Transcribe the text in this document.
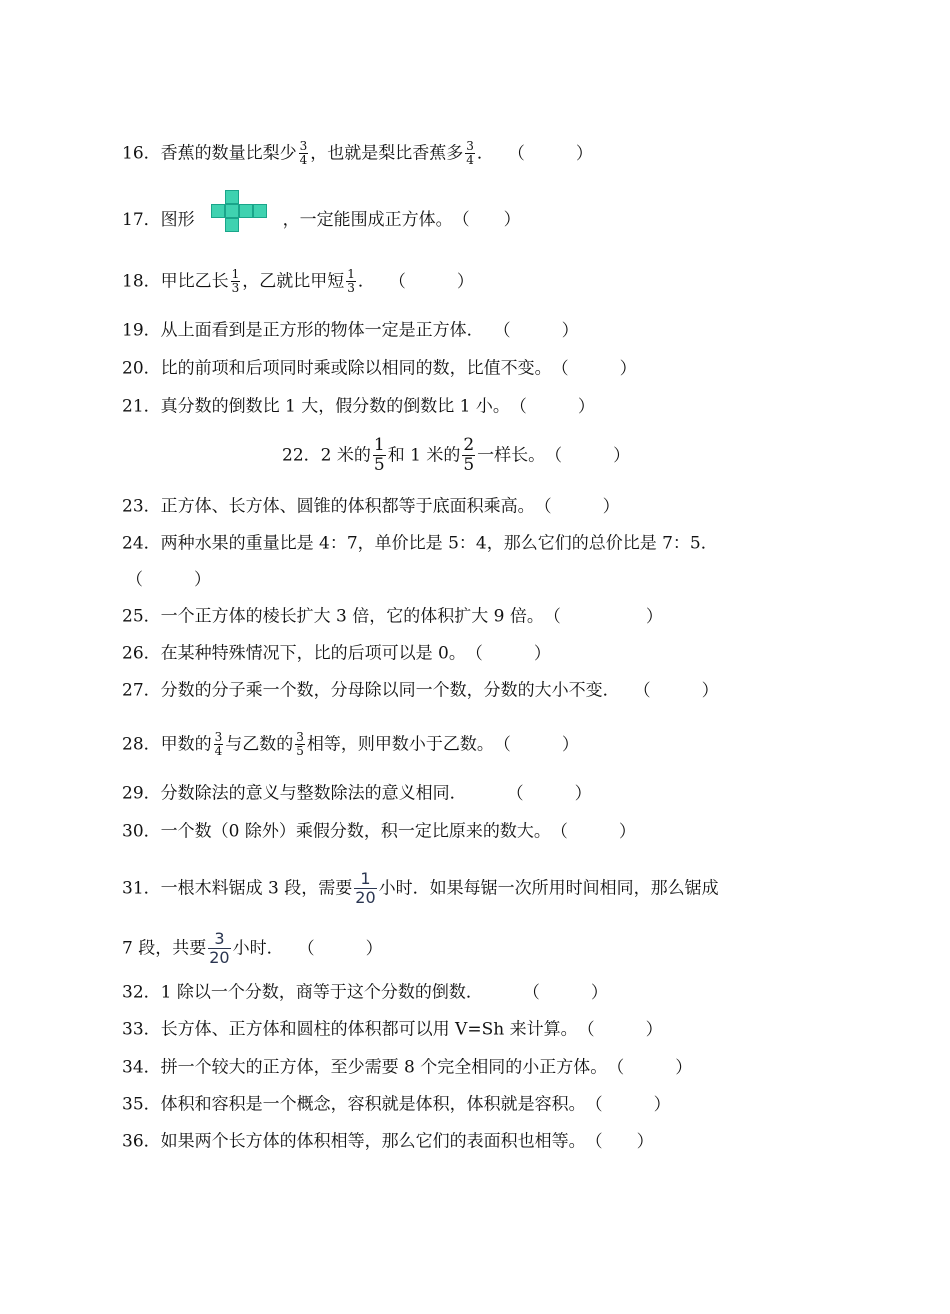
16．香蕉的数量比梨少 $\frac{3}{4}$ ，也就是梨比香蕉多 $\frac{3}{4}$ ． （　　　）
17．图形	，一定能围成正方体。（　　）
18．甲比乙长 $\frac{1}{3}$ ，乙就比甲短 $\frac{1}{3}$ ． （　　　）
19．从上面看到是正方形的物体一定是正方体． （　　　）
20．比的前项和后项同时乘或除以相同的数，比值不变。（　　　）
21．真分数的倒数比 1 大，假分数的倒数比 1 小。（　　　）
22．2 米的 $\frac{1}{5}$ 和 1 米的 $\frac{2}{5}$ 一样长。（　　　）
23．正方体、长方体、圆锥的体积都等于底面积乘高。（　　　）
24．两种水果的重量比是 4：7，单价比是 5：4，那么它们的总价比是 7：5．
（　　　）
25．一个正方体的棱长扩大 3 倍，它的体积扩大 9 倍。（　　　　　）
26．在某种特殊情况下，比的后项可以是 0。（　　　）
27．分数的分子乘一个数，分母除以同一个数，分数的大小不变． （　　　）
28．甲数的 $\frac{3}{4}$ 与乙数的 $\frac{3}{5}$ 相等，则甲数小于乙数。（　　　）
29．分数除法的意义与整数除法的意义相同． （　　　）
30．一个数（0 除外）乘假分数，积一定比原来的数大。（　　　）
31．一根木料锯成 3 段，需要 $\frac{1}{20}$ 小时．如果每锯一次所用时间相同，那么锯成
7 段，共要 $\frac{3}{20}$ 小时． （　　　）
32．1 除以一个分数，商等于这个分数的倒数． （　　　）
33．长方体、正方体和圆柱的体积都可以用 V=Sh 来计算。（　　　）
34．拼一个较大的正方体，至少需要 8 个完全相同的小正方体。（　　　）
35．体积和容积是一个概念，容积就是体积，体积就是容积。（　　　）
36．如果两个长方体的体积相等，那么它们的表面积也相等。（　　）
